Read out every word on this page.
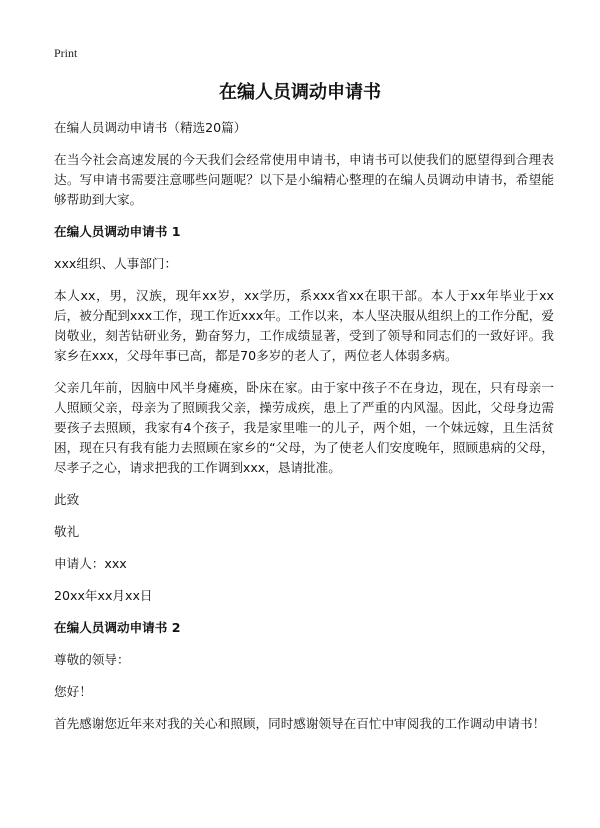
Print
在编人员调动申请书

在编人员调动申请书（精选20篇）

在当今社会高速发展的今天我们会经常使用申请书，申请书可以使我们的愿望得到合理表达。写申请书需要注意哪些问题呢？以下是小编精心整理的在编人员调动申请书，希望能够帮助到大家。

在编人员调动申请书 1

xxx组织、人事部门：

本人xx，男，汉族，现年xx岁，xx学历，系xxx省xx在职干部。本人于xx年毕业于xx后，被分配到xxx工作，现工作近xxx年。工作以来，本人坚决服从组织上的工作分配，爱岗敬业，刻苦钻研业务，勤奋努力，工作成绩显著，受到了领导和同志们的一致好评。我家乡在xxx，父母年事已高，都是70多岁的老人了，两位老人体弱多病。

父亲几年前，因脑中风半身瘫痪，卧床在家。由于家中孩子不在身边，现在，只有母亲一人照顾父亲，母亲为了照顾我父亲，操劳成疾，患上了严重的内风湿。因此，父母身边需要孩子去照顾，我家有4个孩子，我是家里唯一的儿子，两个姐，一个妹远嫁，且生活贫困，现在只有我有能力去照顾在家乡的“父母，为了使老人们安度晚年，照顾患病的父母，尽孝子之心，请求把我的工作调到xxx，恳请批准。

此致

敬礼

申请人：xxx

20xx年xx月xx日

在编人员调动申请书 2

尊敬的领导：

您好！

首先感谢您近年来对我的关心和照顾，同时感谢领导在百忙中审阅我的工作调动申请书！
